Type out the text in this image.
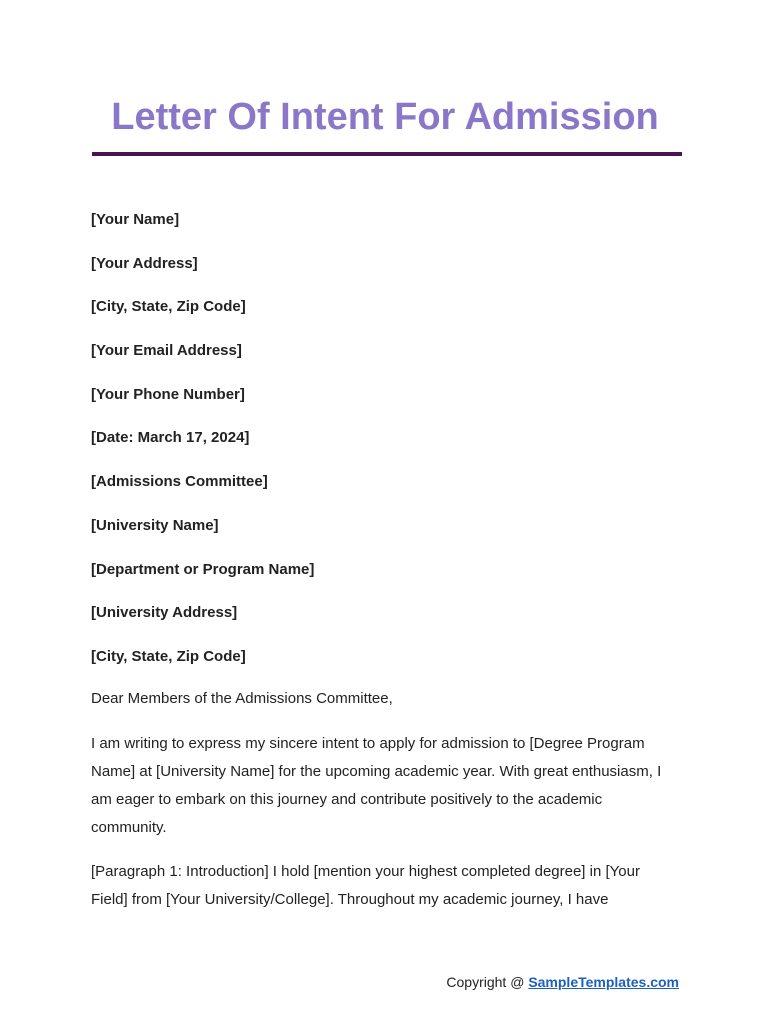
Letter Of Intent For Admission
[Your Name]
[Your Address]
[City, State, Zip Code]
[Your Email Address]
[Your Phone Number]
[Date: March 17, 2024]
[Admissions Committee]
[University Name]
[Department or Program Name]
[University Address]
[City, State, Zip Code]

Dear Members of the Admissions Committee,

I am writing to express my sincere intent to apply for admission to [Degree Program Name] at [University Name] for the upcoming academic year. With great enthusiasm, I am eager to embark on this journey and contribute positively to the academic community.

[Paragraph 1: Introduction] I hold [mention your highest completed degree] in [Your Field] from [Your University/College]. Throughout my academic journey, I have

Copyright @ SampleTemplates.com
